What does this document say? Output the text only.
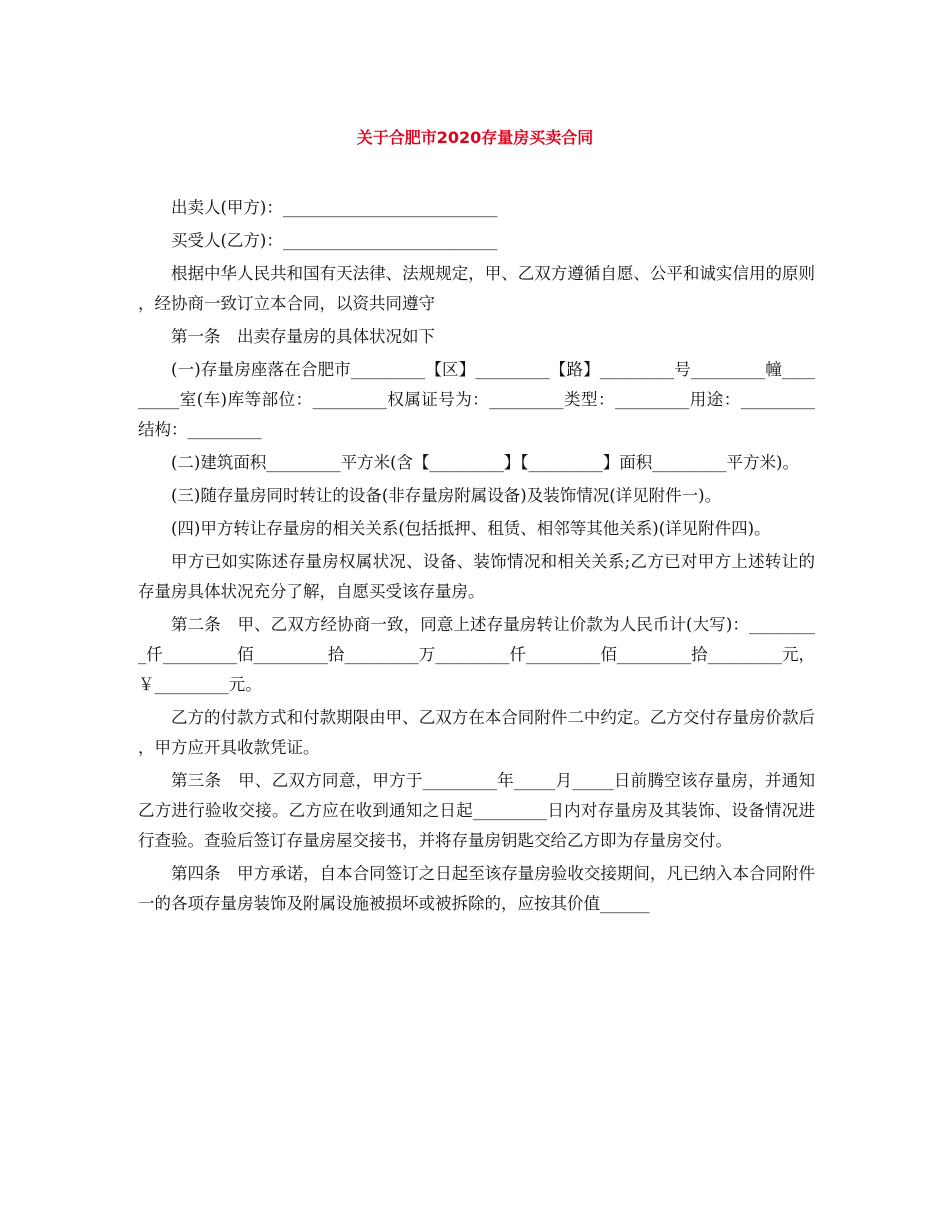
关于合肥市2020存量房买卖合同

出卖人(甲方)：__________________________

买受人(乙方)：__________________________

根据中华人民共和国有天法律、法规规定，甲、乙双方遵循自愿、公平和诚实信用的原则，经协商一致订立本合同，以资共同遵守

第一条　出卖存量房的具体状况如下

(一)存量房座落在合肥市_________【区】_________【路】_________号_________幢_________室(车)库等部位：_________权属证号为：_________类型：_________用途：_________结构：_________

(二)建筑面积_________平方米(含【_________】【_________】面积_________平方米)。

(三)随存量房同时转让的设备(非存量房附属设备)及装饰情况(详见附件一)。

(四)甲方转让存量房的相关关系(包括抵押、租赁、相邻等其他关系)(详见附件四)。

甲方已如实陈述存量房权属状况、设备、装饰情况和相关关系;乙方已对甲方上述转让的存量房具体状况充分了解，自愿买受该存量房。

第二条　甲、乙双方经协商一致，同意上述存量房转让价款为人民币计(大写)：_________仟_________佰_________拾_________万_________仟_________佰_________拾_________元，￥_________元。

乙方的付款方式和付款期限由甲、乙双方在本合同附件二中约定。乙方交付存量房价款后，甲方应开具收款凭证。

第三条　甲、乙双方同意，甲方于_________年_____月_____日前腾空该存量房，并通知乙方进行验收交接。乙方应在收到通知之日起_________日内对存量房及其装饰、设备情况进行查验。查验后签订存量房屋交接书，并将存量房钥匙交给乙方即为存量房交付。

第四条　甲方承诺，自本合同签订之日起至该存量房验收交接期间，凡已纳入本合同附件一的各项存量房装饰及附属设施被损坏或被拆除的，应按其价值______
